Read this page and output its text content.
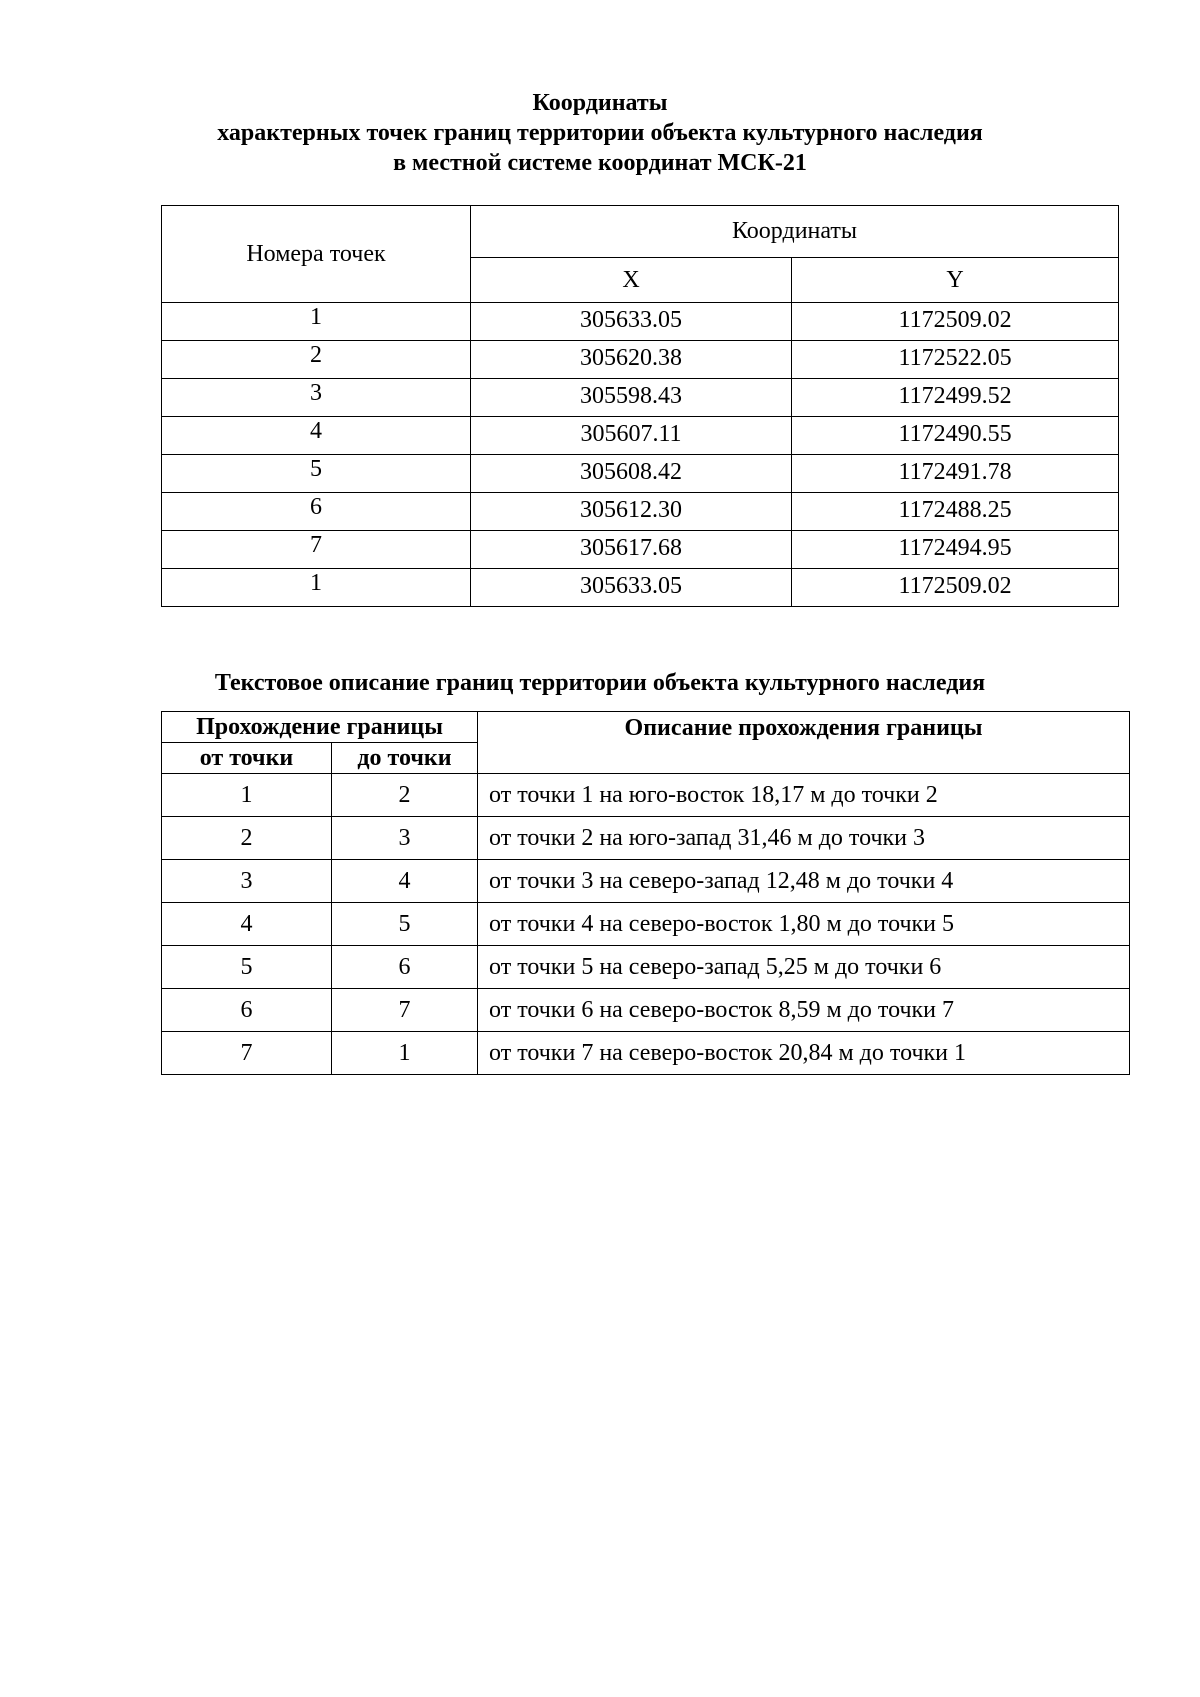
Координаты
характерных точек границ территории объекта культурного наследия
в местной системе координат МСК-21
Номера точек	Координаты	
	X	Y
1	305633.05	1172509.02
2	305620.38	1172522.05
3	305598.43	1172499.52
4	305607.11	1172490.55
5	305608.42	1172491.78
6	305612.30	1172488.25
7	305617.68	1172494.95
1	305633.05	1172509.02
Текстовое описание границ территории объекта культурного наследия
Прохождение границы		Описание прохождения границы
от точки	до точки	
1	2	от точки 1 на юго-восток 18,17 м до точки 2
2	3	от точки 2 на юго-запад 31,46 м до точки 3
3	4	от точки 3 на северо-запад 12,48 м до точки 4
4	5	от точки 4 на северо-восток 1,80 м до точки 5
5	6	от точки 5 на северо-запад 5,25 м до точки 6
6	7	от точки 6 на северо-восток 8,59 м до точки 7
7	1	от точки 7 на северо-восток 20,84 м до точки 1
